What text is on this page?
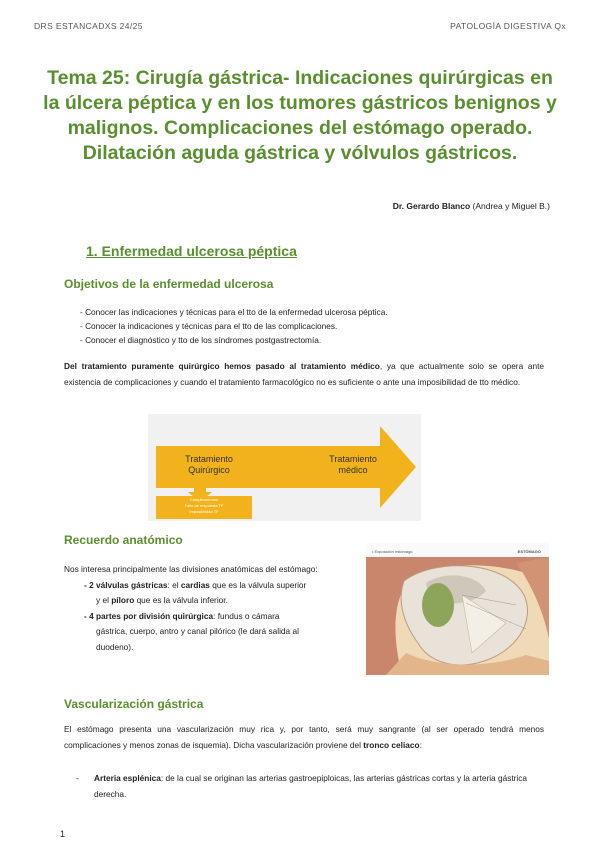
DRS ESTANCADXS 24/25	PATOLOGÍA DIGESTIVA Qx
Tema 25: Cirugía gástrica- Indicaciones quirúrgicas en la úlcera péptica y en los tumores gástricos benignos y malignos. Complicaciones del estómago operado. Dilatación aguda gástrica y vólvulos gástricos.
Dr. Gerardo Blanco (Andrea y Miguel B.)
1. Enfermedad ulcerosa péptica
Objetivos de la enfermedad ulcerosa
- Conocer las indicaciones y técnicas para el tto de la enfermedad ulcerosa péptica.
- Conocer la indicaciones y técnicas para el tto de las complicaciones.
- Conocer el diagnóstico y tto de los síndromes postgastrectomía.

Del tratamiento puramente quirúrgico hemos pasado al tratamiento médico, ya que actualmente solo se opera ante existencia de complicaciones y cuando el tratamiento farmacológico no es suficiente o ante una imposibilidad de tto médico.

Tratamiento Quirúrgico
Tratamiento médico
Complicaciones
Fallo de respuesta TF
Imposibilidad TF
Recuerdo anatómico
Nos interesa principalmente las divisiones anatómicas del estómago:
- 2 válvulas gástricas: el cardias que es la válvula superior
y el píloro que es la válvula inferior.
- 4 partes por división quirúrgica: fundus o cámara
gástrica, cuerpo, antro y canal pilórico (le dará salida al
duodeno).
• Exposición estómago	ESTÓMAGO
Vascularización gástrica

El estómago presenta una vascularización muy rica y, por tanto, será muy sangrante (al ser operado tendrá menos complicaciones y menos zonas de isquemia). Dicha vascularización proviene del tronco celiaco:

- Arteria esplénica: de la cual se originan las arterias gastroepiploicas, las arterias gástricas cortas y la arteria gástrica derecha.
1
